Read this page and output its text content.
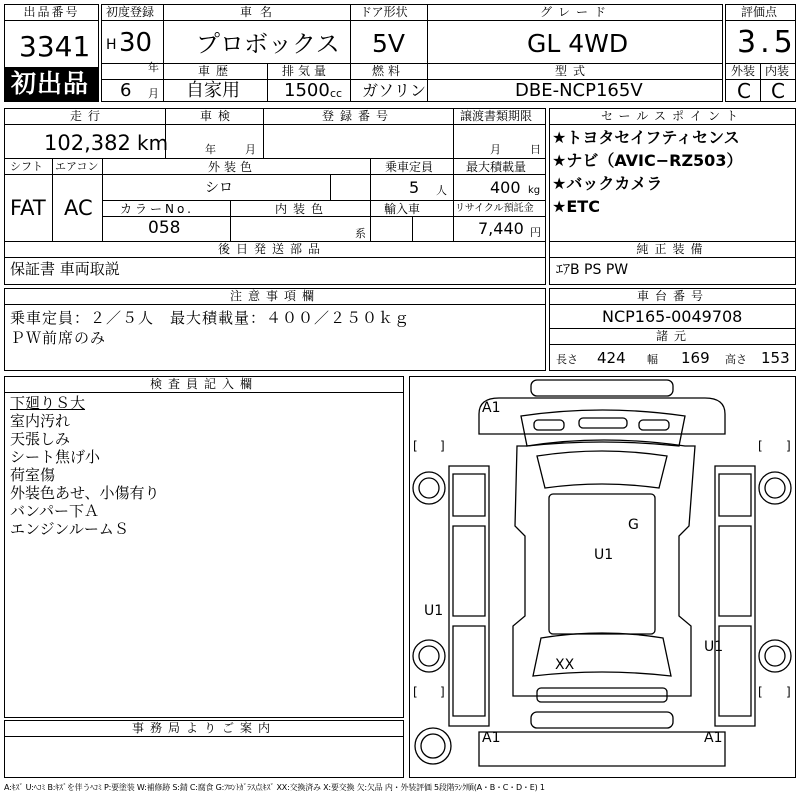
出品番号
3341
初出品
初度登録
H 30
年
6 月
車名
プロボックス
ドア形状
5V
グレード
GL 4WD
車歴
自家用
排気量
1500 cc
燃料
ガソリン
型式
DBE-NCP165V
評価点
3.5
外装 内装
C C
走行
102,382 km
車検
年	月
登録番号	譲渡書類期限
月	日
シフト
FAT
エアコン
AC
外装色
シロ
乗車定員
5 人
最大積載量
400 kg
カラーNo.
058
内装色
系
輸入車	リサイクル預託金
7,440 円
後日発送部品
保証書 車両取説
セールスポイント
★トヨタセイフティセンス
★ナビ（AVIC−RZ503）
★バックカメラ
★ETC
純正装備
ｴｱB PS PW
注意事項欄
乗車定員：２／５人　最大積載量：４００／２５０ｋｇ
ＰＷ前席のみ
車台番号
NCP165-0049708
諸元
長さ 424 幅 169 高さ 153
検査員記入欄
下廻りＳ大
室内汚れ
天張しみ
シート焦げ小
荷室傷
外装色あせ、小傷有り
バンパー下Ａ
エンジンルームＳ
事務局よりご案内
A1
G
U1
U1
U1
XX
A1	A1
[ ]	[ ]
[ ]	[ ]
A:ｷｽﾞ U:ﾍｺﾐ B:ｷｽﾞを伴うﾍｺﾐ P:要塗装 W:補修跡 S:錆 C:腐食 G:ﾌﾛﾝﾄｶﾞﾗｽ点ｷｽﾞ XX:交換済み X:要交換 欠:欠品 内・外装評価 5段階ﾗﾝｸ順(A・B・C・D・E) 1
